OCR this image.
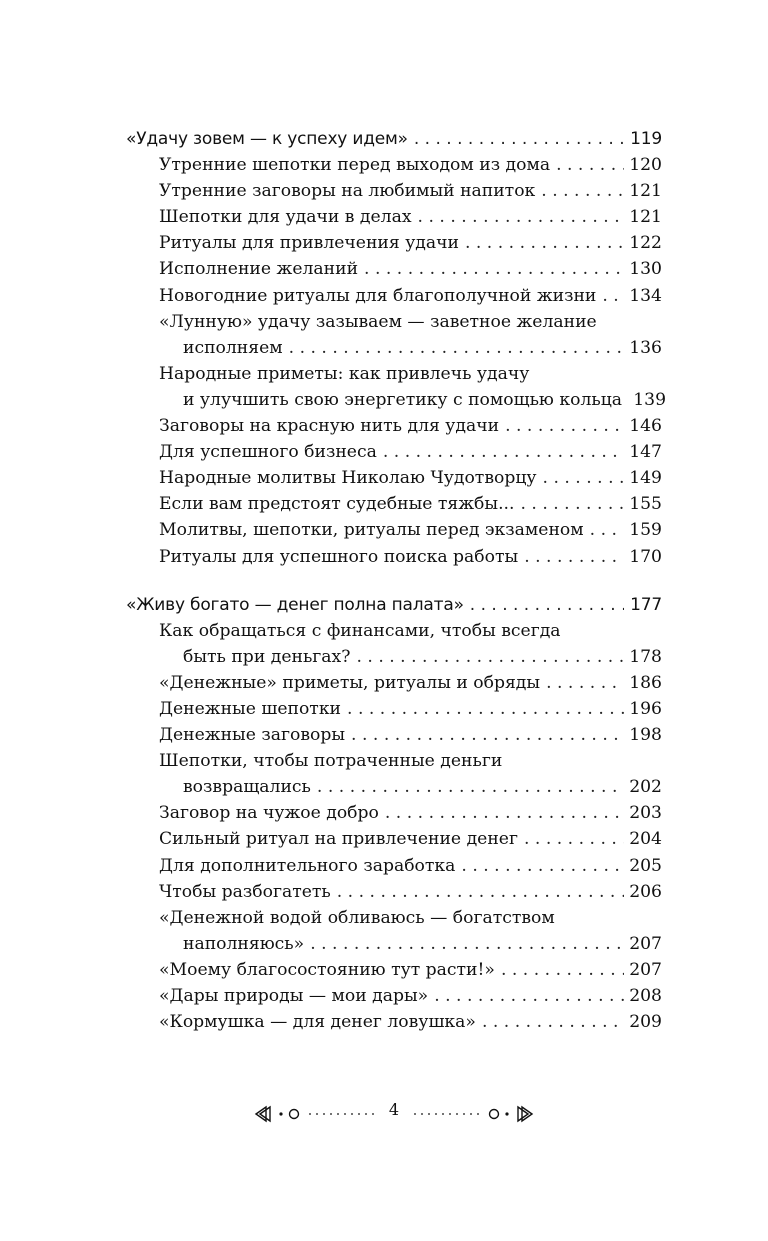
«Удачу зовем — к успеху идем» . . .	119
Утренние шепотки перед выходом из дома . . .	120
Утренние заговоры на любимый напиток . . .	121
Шепотки для удачи в делах . . .	121
Ритуалы для привлечения удачи . . .	122
Исполнение желаний . . .	130
Новогодние ритуалы для благополучной жизни . . . 134
«Лунную» удачу зазываем — заветное желание
исполняем . . .	136
Народные приметы: как привлечь удачу
и улучшить свою энергетику с помощью кольца 139
Заговоры на красную нить для удачи . . .	146
Для успешного бизнеса . . .	147
Народные молитвы Николаю Чудотворцу . . .	149
Если вам предстоят судебные тяжбы... . . .	155
Молитвы, шепотки, ритуалы перед экзаменом . . .	159
Ритуалы для успешного поиска работы . . .	170
«Живу богато — денег полна палата» . . .	177
Как обращаться с финансами, чтобы всегда
быть при деньгах? . . .	178
«Денежные» приметы, ритуалы и обряды . . .	186
Денежные шепотки . . .	196
Денежные заговоры . . .	198
Шепотки, чтобы потраченные деньги
возвращались . . .	202
Заговор на чужое добро . . .	203
Сильный ритуал на привлечение денег . . .	204
Для дополнительного заработка . . .	205
Чтобы разбогатеть . . .	206
«Денежной водой обливаюсь — богатством
наполняюсь» . . .	207
«Моему благосостоянию тут расти!» . . .	207
«Дары природы — мои дары» . . .	208
«Кормушка — для денег ловушка» . . .	209
4
